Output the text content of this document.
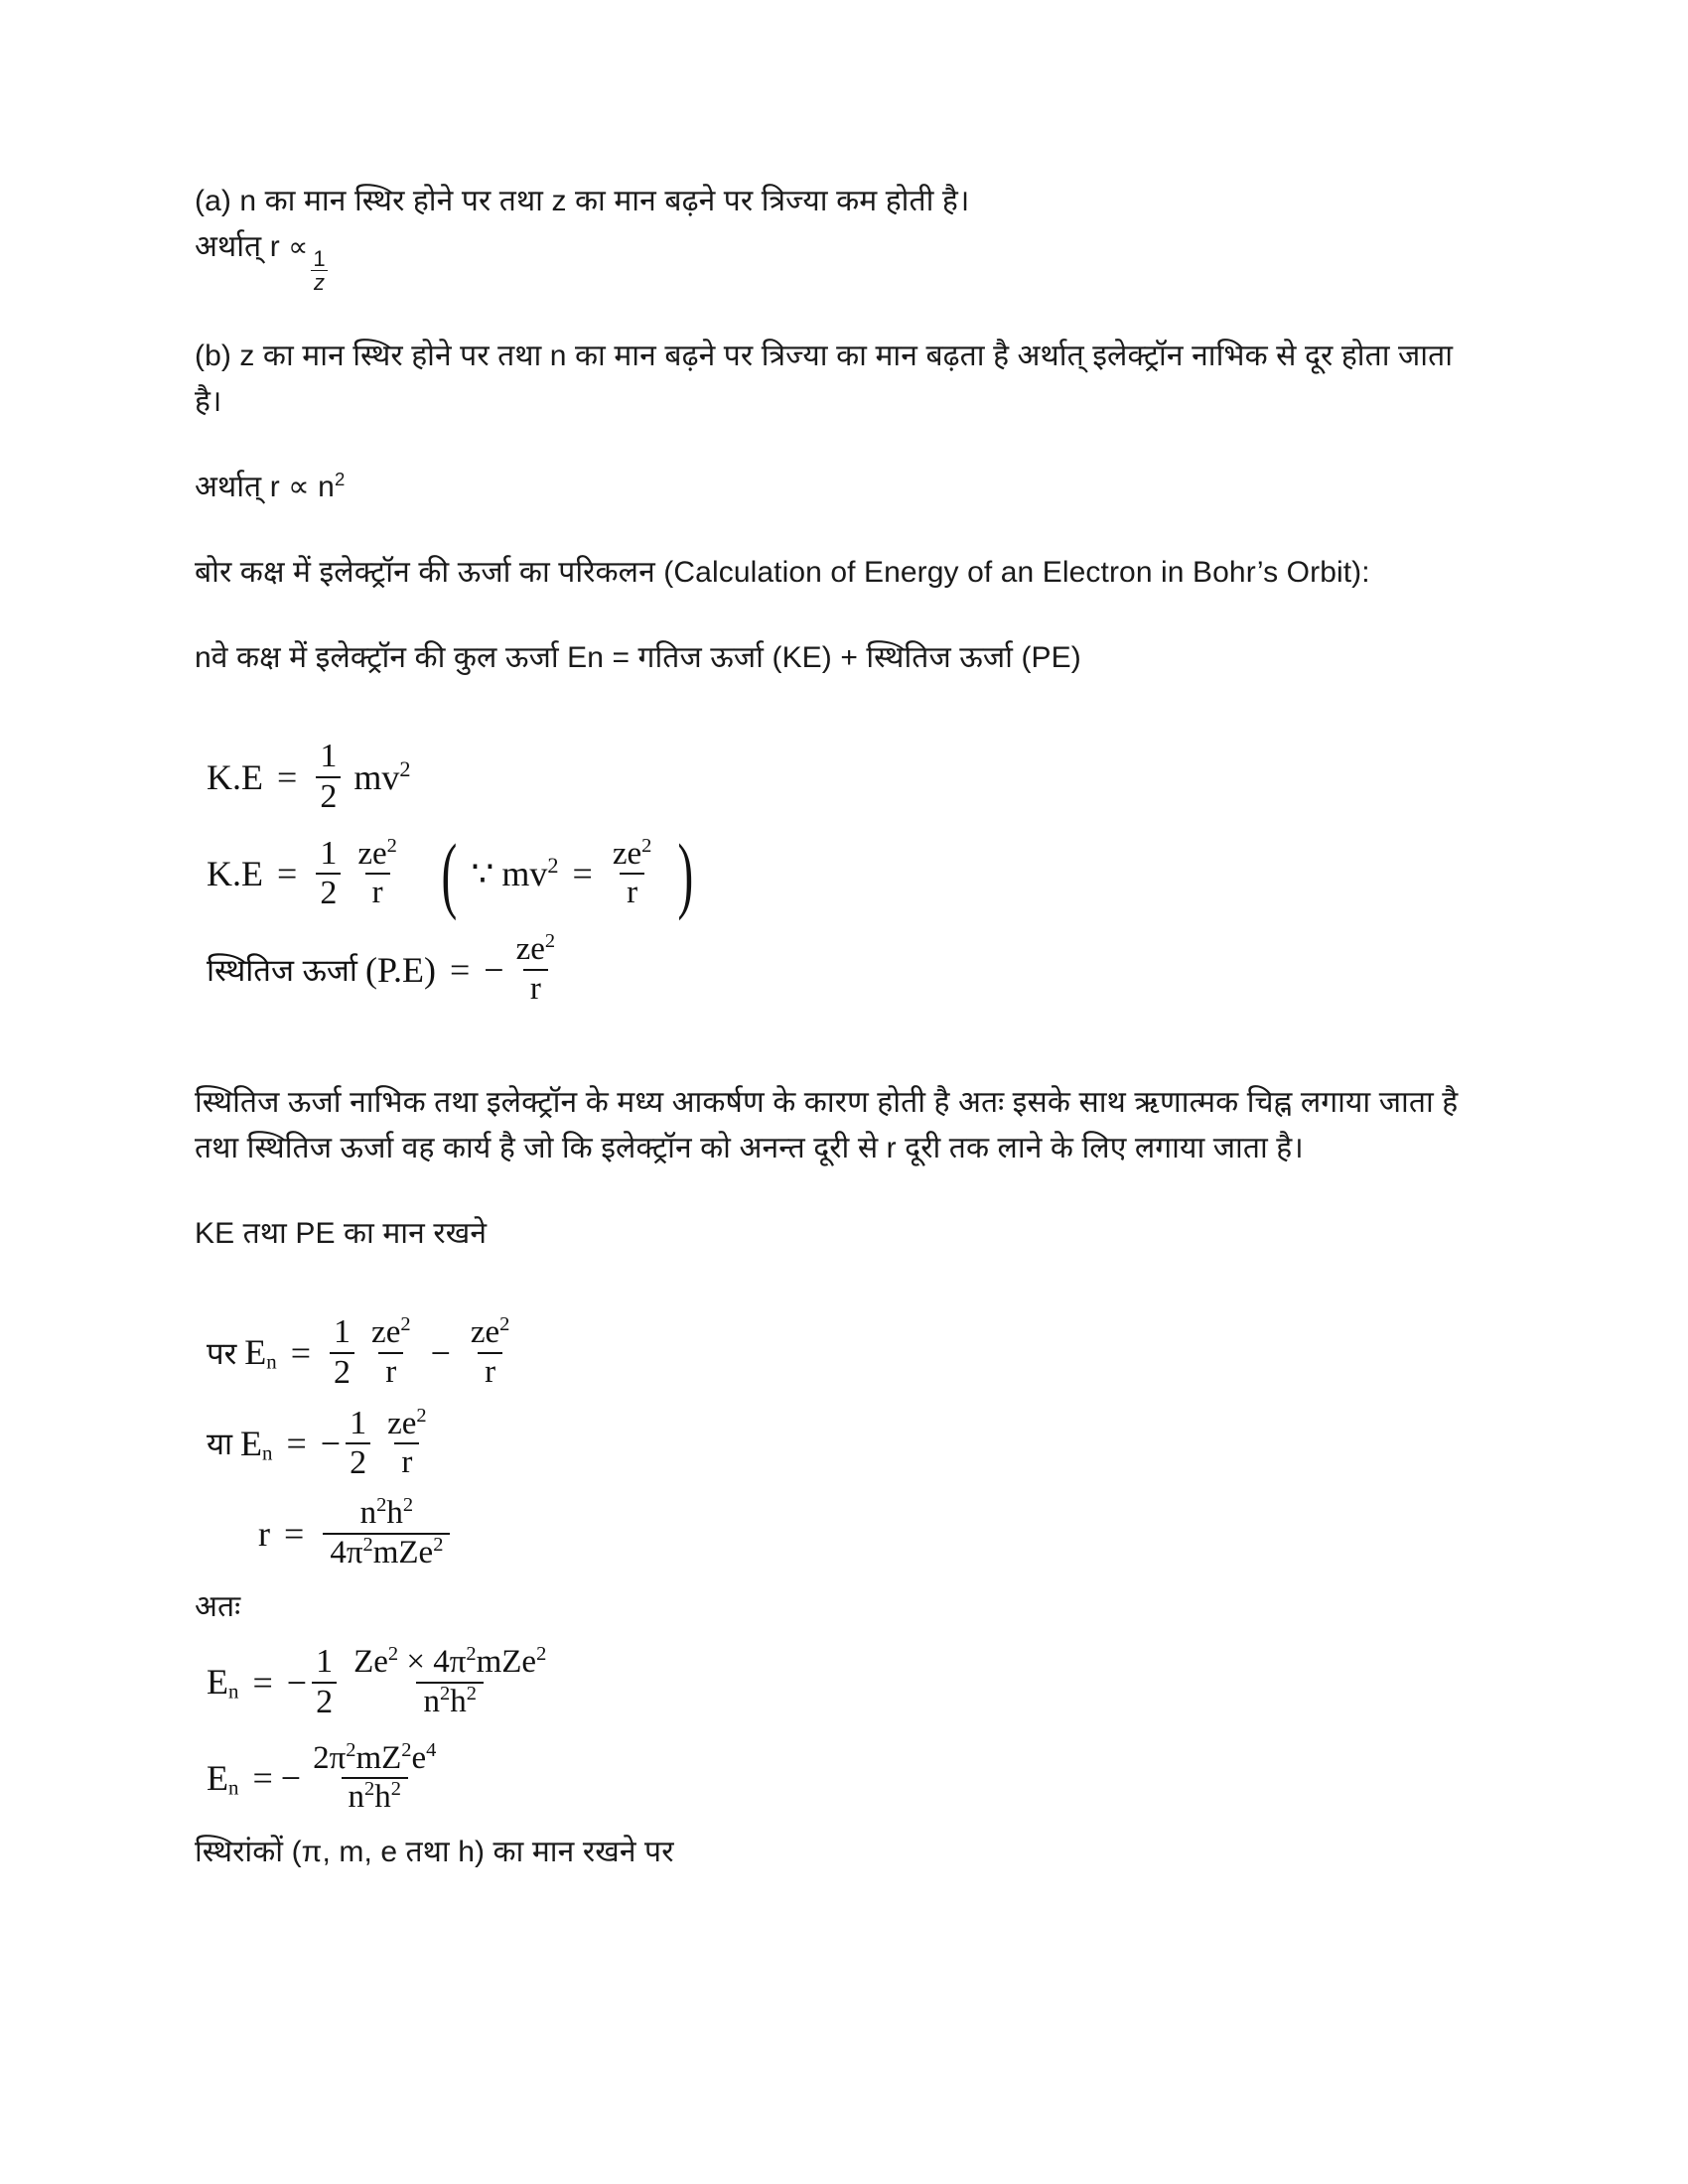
(a) n का मान स्थिर होने पर तथा z का मान बढ़ने पर त्रिज्या कम होती है।

अर्थात् r ∝
$\frac{1}{z}$

(b) z का मान स्थिर होने पर तथा n का मान बढ़ने पर त्रिज्या का मान बढ़ता है अर्थात् इलेक्ट्रॉन नाभिक से दूर होता जाता है।

अर्थात् $r \propto n^2$

बोर कक्ष में इलेक्ट्रॉन की ऊर्जा का परिकलन (Calculation of Energy of an Electron in Bohr’s Orbit):

nवे कक्ष में इलेक्ट्रॉन की कुल ऊर्जा En = गतिज ऊर्जा (KE) + स्थितिज ऊर्जा (PE)

$K.E = \frac{1}{2} mv^2$
$K.E = \frac{1}{2} \frac{ze^2}{r}$ ( ∵ $mv^2 = \frac{ze^2}{r}$ )
स्थितिज ऊर्जा (P.E) = − $\frac{ze^2}{r}$

स्थितिज ऊर्जा नाभिक तथा इलेक्ट्रॉन के मध्य आकर्षण के कारण होती है अतः इसके साथ ऋणात्मक चिह्न लगाया जाता है तथा स्थितिज ऊर्जा वह कार्य है जो कि इलेक्ट्रॉन को अनन्त दूरी से r दूरी तक लाने के लिए लगाया जाता है।

KE तथा PE का मान रखने

पर $E_n = \frac{1}{2} \frac{ze^2}{r} - \frac{ze^2}{r}$
या $E_n$ = − $\frac{1}{2} \frac{ze^2}{r}$
$r = \frac{n^2h^2}{4\pi^2mZe^2}$

अतः

$E_n$ = − $\frac{1}{2} \frac{Ze^2 \times 4\pi^2mZe^2}{n^2h^2}$
$E_n$ = − $\frac{2\pi^2mZ^2e^4}{n^2h^2}$

स्थिरांकों (π, m, e तथा h) का मान रखने पर
